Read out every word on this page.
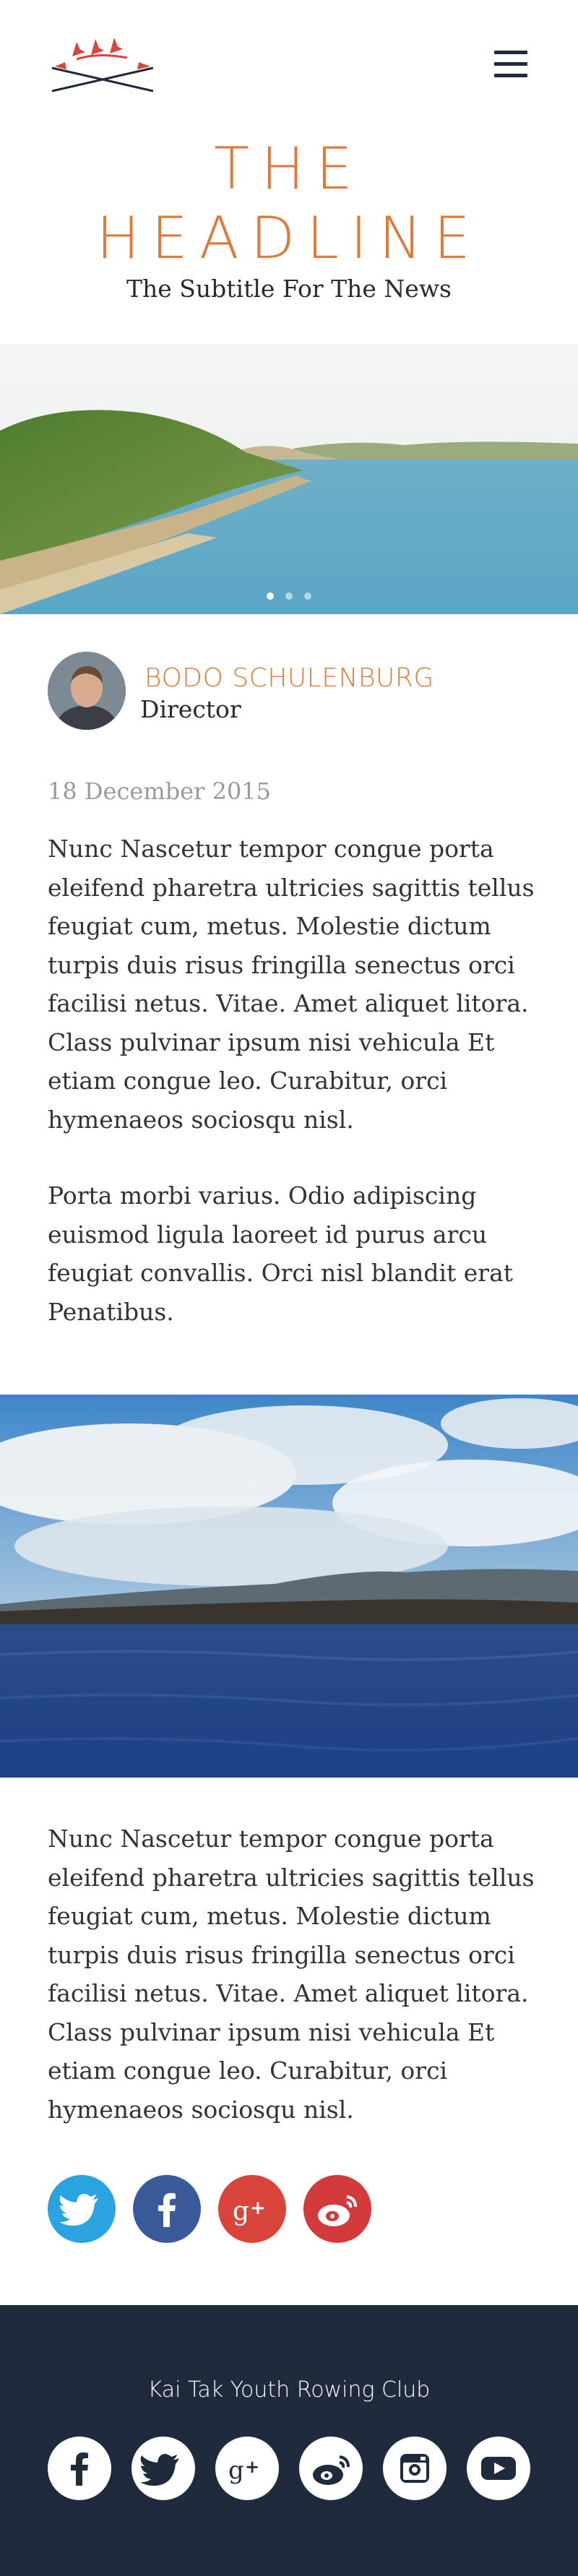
THE
HEADLINE
The Subtitle For The News

BODO SCHULENBURG
Director
18 December 2015

Nunc Nascetur tempor congue porta eleifend pharetra ultricies sagittis tellus feugiat cum, metus. Molestie dictum turpis duis risus fringilla senectus orci facilisi netus. Vitae. Amet aliquet litora. Class pulvinar ipsum nisi vehicula Et etiam congue leo. Curabitur, orci hymenaeos sociosqu nisl.

Porta morbi varius. Odio adipiscing euismod ligula laoreet id purus arcu feugiat convallis. Orci nisl blandit erat Penatibus.

Nunc Nascetur tempor congue porta eleifend pharetra ultricies sagittis tellus feugiat cum, metus. Molestie dictum turpis duis risus fringilla senectus orci facilisi netus. Vitae. Amet aliquet litora. Class pulvinar ipsum nisi vehicula Et etiam congue leo. Curabitur, orci hymenaeos sociosqu nisl.

g +
Kai Tak Youth Rowing Club
g +
